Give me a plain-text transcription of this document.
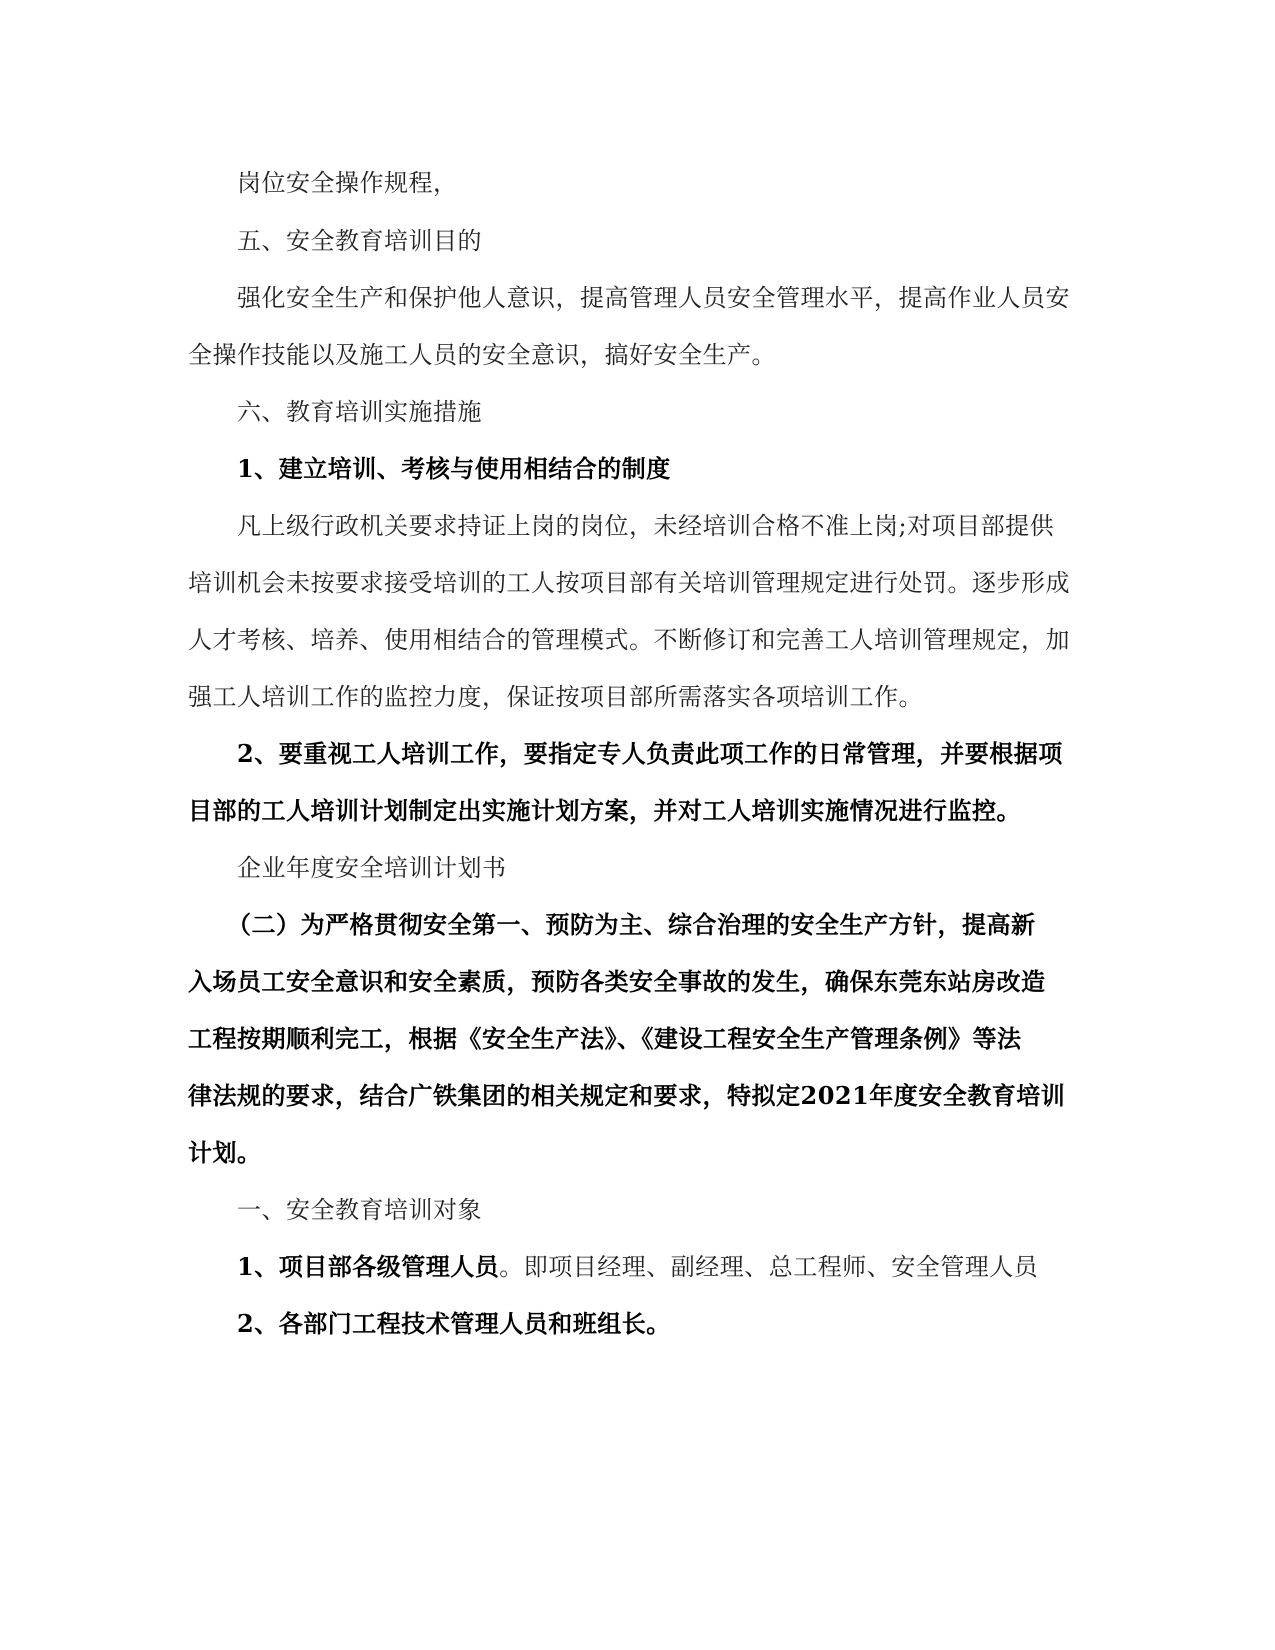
岗位安全操作规程，
五、安全教育培训目的
强化安全生产和保护他人意识，提高管理人员安全管理水平，提高作业人员安
全操作技能以及施工人员的安全意识，搞好安全生产。
六、教育培训实施措施
1、建立培训、考核与使用相结合的制度
凡上级行政机关要求持证上岗的岗位，未经培训合格不准上岗;对项目部提供
培训机会未按要求接受培训的工人按项目部有关培训管理规定进行处罚。逐步形成
人才考核、培养、使用相结合的管理模式。不断修订和完善工人培训管理规定，加
强工人培训工作的监控力度，保证按项目部所需落实各项培训工作。
2、要重视工人培训工作，要指定专人负责此项工作的日常管理，并要根据项
目部的工人培训计划制定出实施计划方案，并对工人培训实施情况进行监控。
企业年度安全培训计划书
（二）为严格贯彻安全第一、预防为主、综合治理的安全生产方针，提高新
入场员工安全意识和安全素质，预防各类安全事故的发生，确保东莞东站房改造
工程按期顺利完工，根据《安全生产法》、《建设工程安全生产管理条例》等法
律法规的要求，结合广铁集团的相关规定和要求，特拟定2021年度安全教育培训
计划。
一、安全教育培训对象
1、项目部各级管理人员。即项目经理、副经理、总工程师、安全管理人员
2、各部门工程技术管理人员和班组长。
